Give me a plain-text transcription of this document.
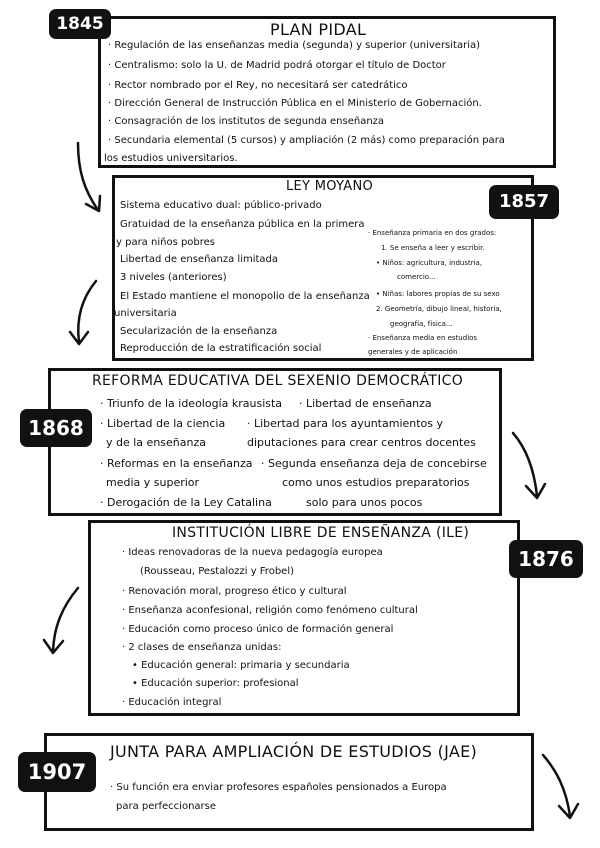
PLAN PIDAL
· Regulación de las enseñanzas media (segunda) y superior (universitaria)
· Centralismo: solo la U. de Madrid podrá otorgar el título de Doctor
· Rector nombrado por el Rey, no necesitará ser catedrático
· Dirección General de Instrucción Pública en el Ministerio de Gobernación.
· Consagración de los institutos de segunda enseñanza
· Secundaria elemental (5 cursos) y ampliación (2 más) como preparación para
los estudios universitarios.
1845
LEY MOYANO
Sistema educativo dual: público-privado
Gratuidad de la enseñanza pública en la primera
y para niños pobres
Libertad de enseñanza limitada
3 niveles (anteriores)
El Estado mantiene el monopolio de la enseñanza
universitaria
Secularización de la enseñanza
Reproducción de la estratificación social
· Enseñanza primaria en dos grados:
1. Se enseña a leer y escribir.
• Niños: agricultura, industria,
comercio...
• Niñas: labores propias de su sexo
2. Geometría, dibujo lineal, historia,
geografía, física...
· Enseñanza media en estudios
generales y de aplicación
1857
REFORMA EDUCATIVA DEL SEXENIO DEMOCRÁTICO
· Triunfo de la ideología krausista · Libertad de enseñanza
· Libertad de la ciencia
y de la enseñanza
· Libertad para los ayuntamientos y
diputaciones para crear centros docentes
· Reformas en la enseñanza
media y superior
· Segunda enseñanza deja de concebirse
como unos estudios preparatorios
· Derogación de la Ley Catalina	solo para unos pocos
1868
INSTITUCIÓN LIBRE DE ENSEÑANZA (ILE)
· Ideas renovadoras de la nueva pedagogía europea
(Rousseau, Pestalozzi y Frobel)
· Renovación moral, progreso ético y cultural
· Enseñanza aconfesional, religión como fenómeno cultural
· Educación como proceso único de formación general
· 2 clases de enseñanza unidas:
• Educación general: primaria y secundaria
• Educación superior: profesional
· Educación integral
1876
JUNTA PARA AMPLIACIÓN DE ESTUDIOS (JAE)
· Su función era enviar profesores españoles pensionados a Europa
para perfeccionarse
1907
